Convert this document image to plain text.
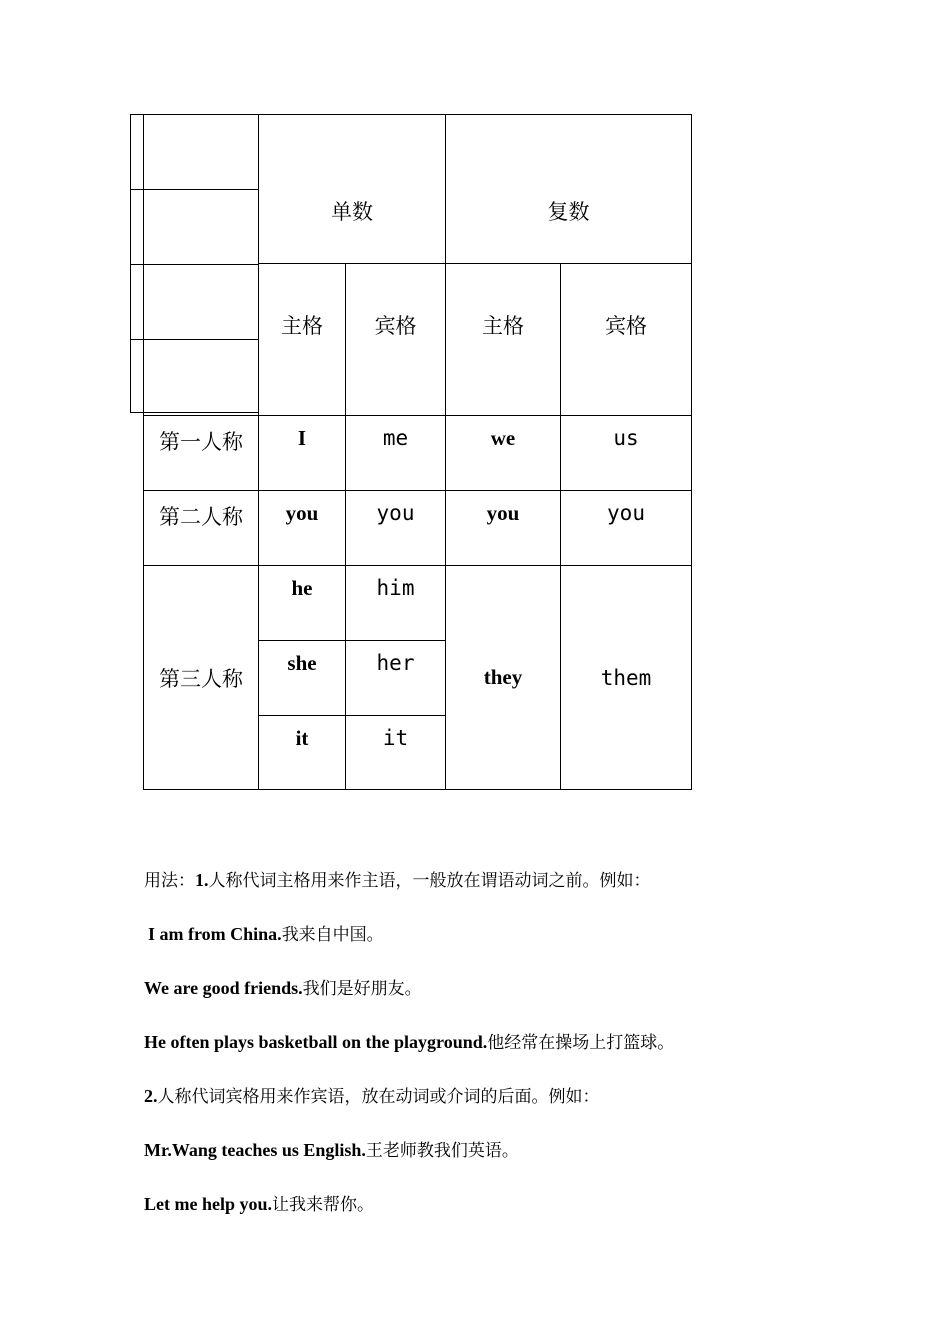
	单数		复数	
	主格	宾格	主格	宾格
第一人称	I	me	we	us
第二人称	you	you	you	you
第三人称	he	him	they	them
	she	her		
	it	it		
用法：1.人称代词主格用来作主语，一般放在谓语动词之前。例如：
I am from China.我来自中国。
We are good friends.我们是好朋友。
He often plays basketball on the playground.他经常在操场上打篮球。
2.人称代词宾格用来作宾语，放在动词或介词的后面。例如：
Mr.Wang teaches us English.王老师教我们英语。
Let me help you.让我来帮你。
